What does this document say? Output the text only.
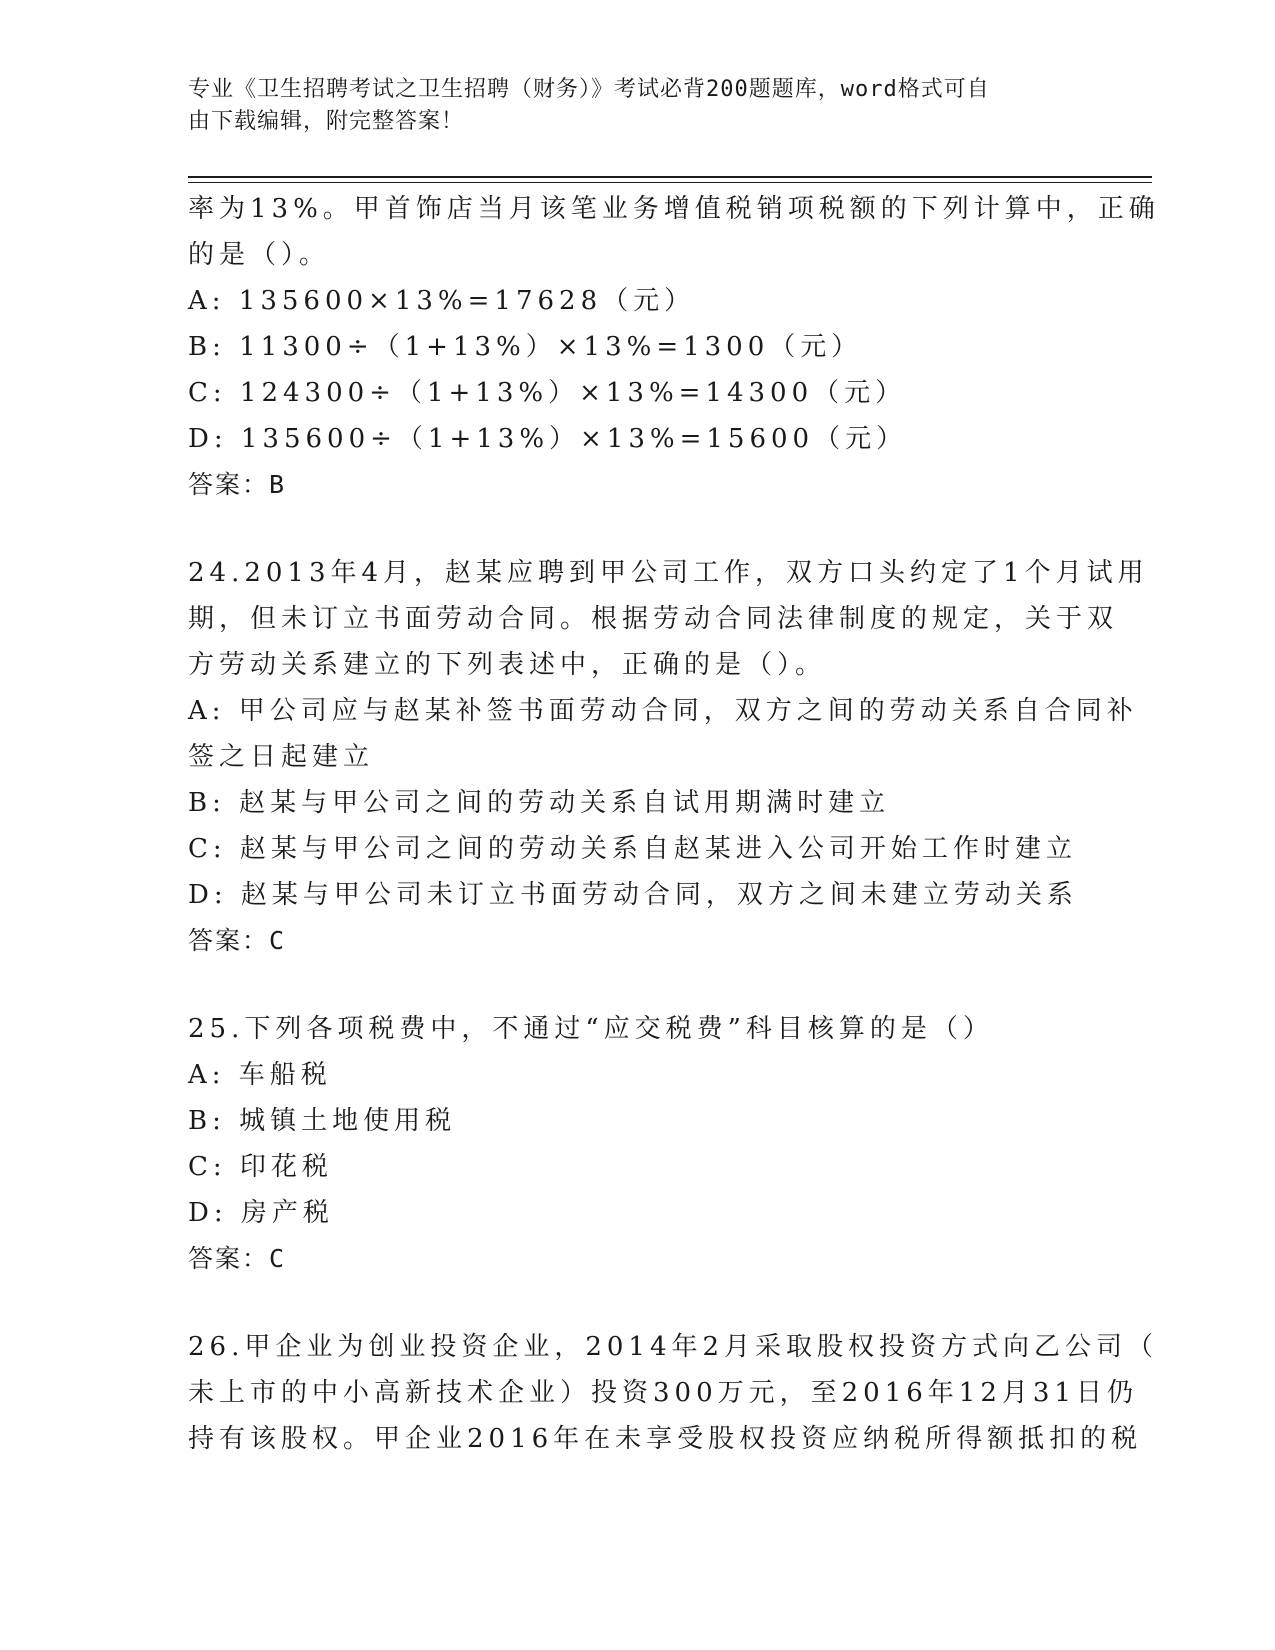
专业《卫生招聘考试之卫生招聘（财务）》考试必背200题题库，word格式可自
由下载编辑，附完整答案！
率为13%。甲首饰店当月该笔业务增值税销项税额的下列计算中，正确
的是（）。
A: 135600×13%=17628（元）
B: 11300÷（1+13%）×13%=1300（元）
C: 124300÷（1+13%）×13%=14300（元）
D: 135600÷（1+13%）×13%=15600（元）
答案：B
24.2013年4月，赵某应聘到甲公司工作，双方口头约定了1个月试用
期，但未订立书面劳动合同。根据劳动合同法律制度的规定，关于双
方劳动关系建立的下列表述中，正确的是（）。
A: 甲公司应与赵某补签书面劳动合同，双方之间的劳动关系自合同补
签之日起建立
B: 赵某与甲公司之间的劳动关系自试用期满时建立
C: 赵某与甲公司之间的劳动关系自赵某进入公司开始工作时建立
D: 赵某与甲公司未订立书面劳动合同，双方之间未建立劳动关系
答案：C
25.下列各项税费中，不通过“应交税费”科目核算的是（）
A: 车船税
B: 城镇土地使用税
C: 印花税
D: 房产税
答案：C
26.甲企业为创业投资企业，2014年2月采取股权投资方式向乙公司（
未上市的中小高新技术企业）投资300万元，至2016年12月31日仍
持有该股权。甲企业2016年在未享受股权投资应纳税所得额抵扣的税
